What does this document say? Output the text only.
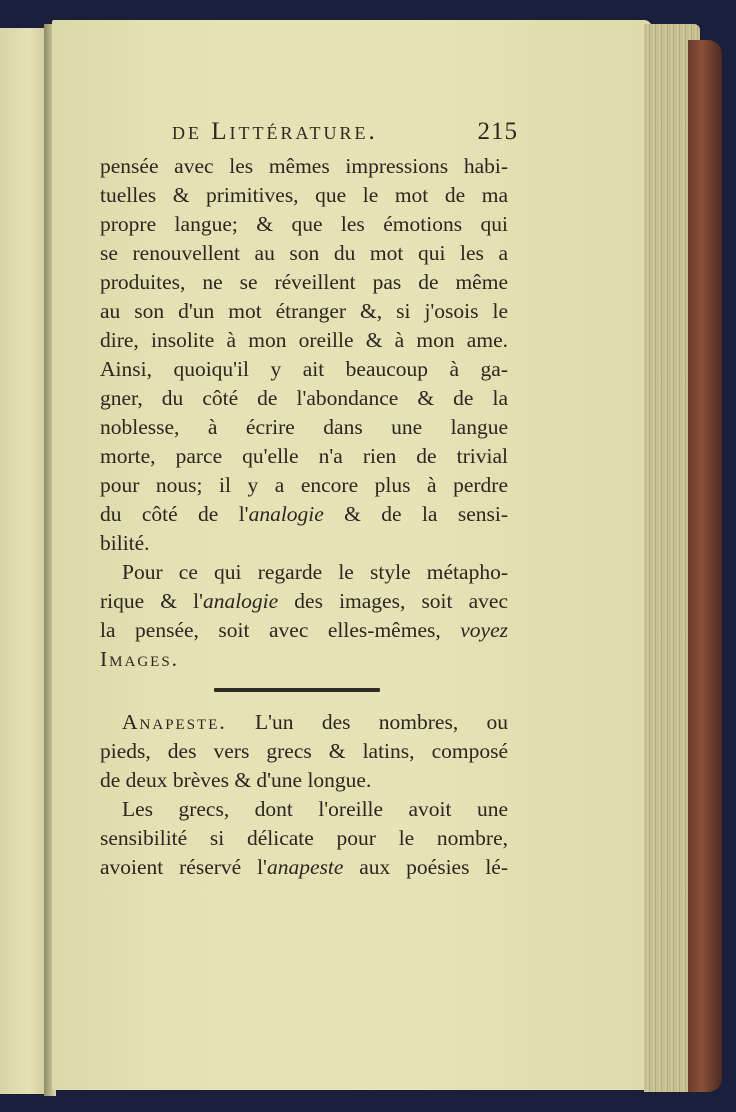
de Littérature.	215
pensée avec les mêmes impressions habi-
tuelles & primitives, que le mot de ma
propre langue; & que les émotions qui
se renouvellent au son du mot qui les a
produites, ne se réveillent pas de même
au son d'un mot étranger &, si j'osois le
dire, insolite à mon oreille & à mon ame.
Ainsi, quoiqu'il y ait beaucoup à ga-
gner, du côté de l'abondance & de la
noblesse, à écrire dans une langue
morte, parce qu'elle n'a rien de trivial
pour nous; il y a encore plus à perdre
du côté de l'analogie & de la sensi-
bilité.
Pour ce qui regarde le style métapho-
rique & l'analogie des images, soit avec
la pensée, soit avec elles-mêmes, voyez
Images.
Anapeste. L'un des nombres, ou
pieds, des vers grecs & latins, composé
de deux brèves & d'une longue.
Les grecs, dont l'oreille avoit une
sensibilité si délicate pour le nombre,
avoient réservé l'anapeste aux poésies lé-
